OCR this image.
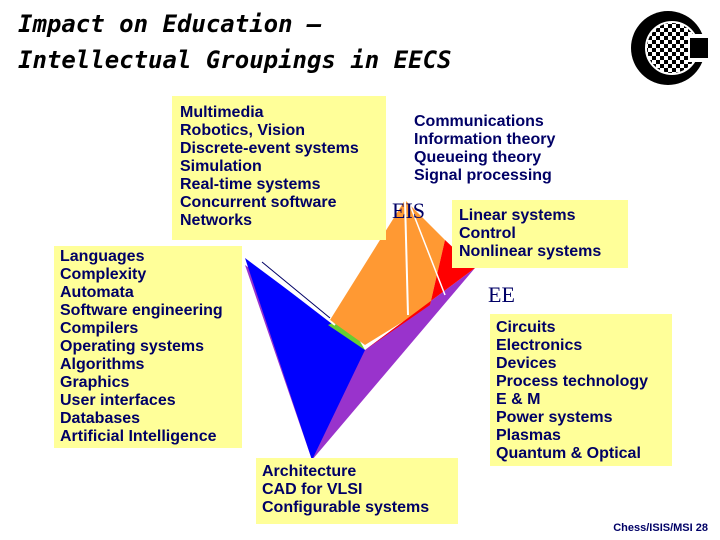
Impact on Education –
Intellectual Groupings in EECS
Multimedia
Robotics, Vision
Discrete-event systems
Simulation
Real-time systems
Concurrent software
Networks
Communications
Information theory
Queueing theory
Signal processing
EIS Linear systems
Control
Nonlinear systems
Languages
Complexity
Automata
Software engineering
Compilers
Operating systems
Algorithms
Graphics
User interfaces
Databases
Artificial Intelligence
EE
Circuits
Electronics
Devices
Process technology
E & M
Power systems
Plasmas
Quantum & Optical
Architecture
CAD for VLSI
Configurable systems
Chess/ISIS/MSI 28
